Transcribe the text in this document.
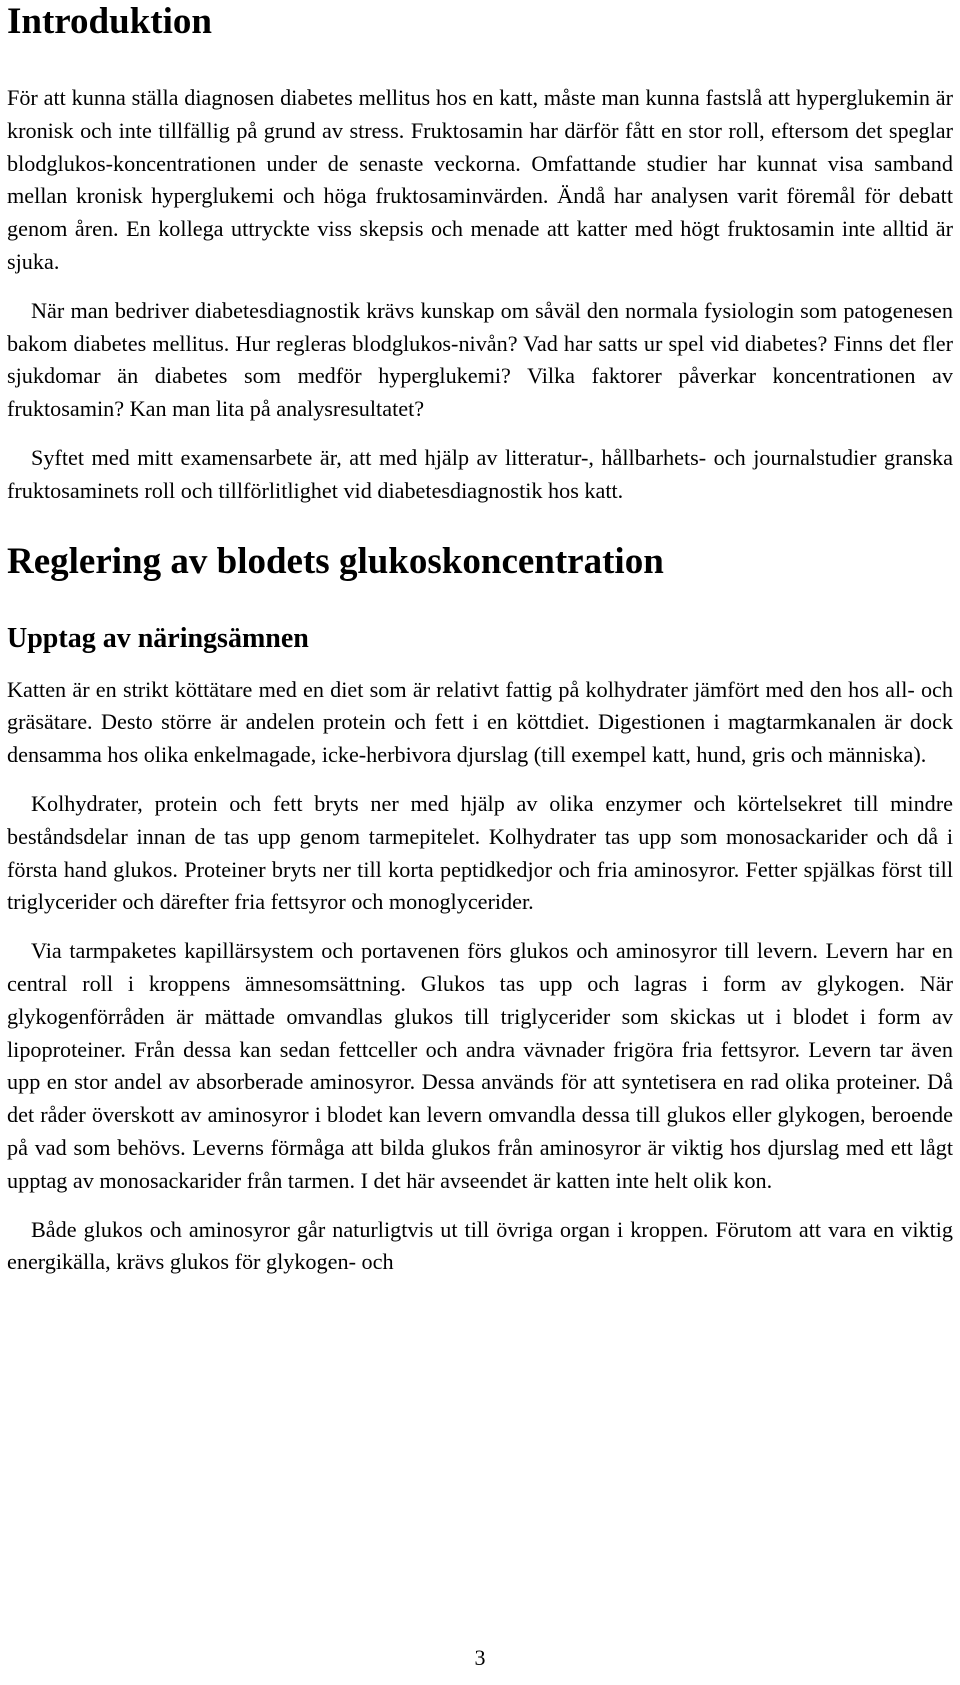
Introduktion

För att kunna ställa diagnosen diabetes mellitus hos en katt, måste man kunna fastslå att hyperglukemin är kronisk och inte tillfällig på grund av stress. Fruktosamin har därför fått en stor roll, eftersom det speglar blodglukos-koncentrationen under de senaste veckorna. Omfattande studier har kunnat visa samband mellan kronisk hyperglukemi och höga fruktosaminvärden. Ändå har analysen varit föremål för debatt genom åren. En kollega uttryckte viss skepsis och menade att katter med högt fruktosamin inte alltid är sjuka.

När man bedriver diabetesdiagnostik krävs kunskap om såväl den normala fysiologin som patogenesen bakom diabetes mellitus. Hur regleras blodglukos-nivån? Vad har satts ur spel vid diabetes? Finns det fler sjukdomar än diabetes som medför hyperglukemi? Vilka faktorer påverkar koncentrationen av fruktosamin? Kan man lita på analysresultatet?

Syftet med mitt examensarbete är, att med hjälp av litteratur-, hållbarhets- och journalstudier granska fruktosaminets roll och tillförlitlighet vid diabetesdiagnostik hos katt.

Reglering av blodets glukoskoncentration
Upptag av näringsämnen

Katten är en strikt köttätare med en diet som är relativt fattig på kolhydrater jämfört med den hos all- och gräsätare. Desto större är andelen protein och fett i en köttdiet. Digestionen i magtarmkanalen är dock densamma hos olika enkelmagade, icke-herbivora djurslag (till exempel katt, hund, gris och människa).

Kolhydrater, protein och fett bryts ner med hjälp av olika enzymer och körtelsekret till mindre beståndsdelar innan de tas upp genom tarmepitelet. Kolhydrater tas upp som monosackarider och då i första hand glukos. Proteiner bryts ner till korta peptidkedjor och fria aminosyror. Fetter spjälkas först till triglycerider och därefter fria fettsyror och monoglycerider.

Via tarmpaketes kapillärsystem och portavenen förs glukos och aminosyror till levern. Levern har en central roll i kroppens ämnesomsättning. Glukos tas upp och lagras i form av glykogen. När glykogenförråden är mättade omvandlas glukos till triglycerider som skickas ut i blodet i form av lipoproteiner. Från dessa kan sedan fettceller och andra vävnader frigöra fria fettsyror. Levern tar även upp en stor andel av absorberade aminosyror. Dessa används för att syntetisera en rad olika proteiner. Då det råder överskott av aminosyror i blodet kan levern omvandla dessa till glukos eller glykogen, beroende på vad som behövs. Leverns förmåga att bilda glukos från aminosyror är viktig hos djurslag med ett lågt upptag av monosackarider från tarmen. I det här avseendet är katten inte helt olik kon.

Både glukos och aminosyror går naturligtvis ut till övriga organ i kroppen. Förutom att vara en viktig energikälla, krävs glukos för glykogen- och

3
